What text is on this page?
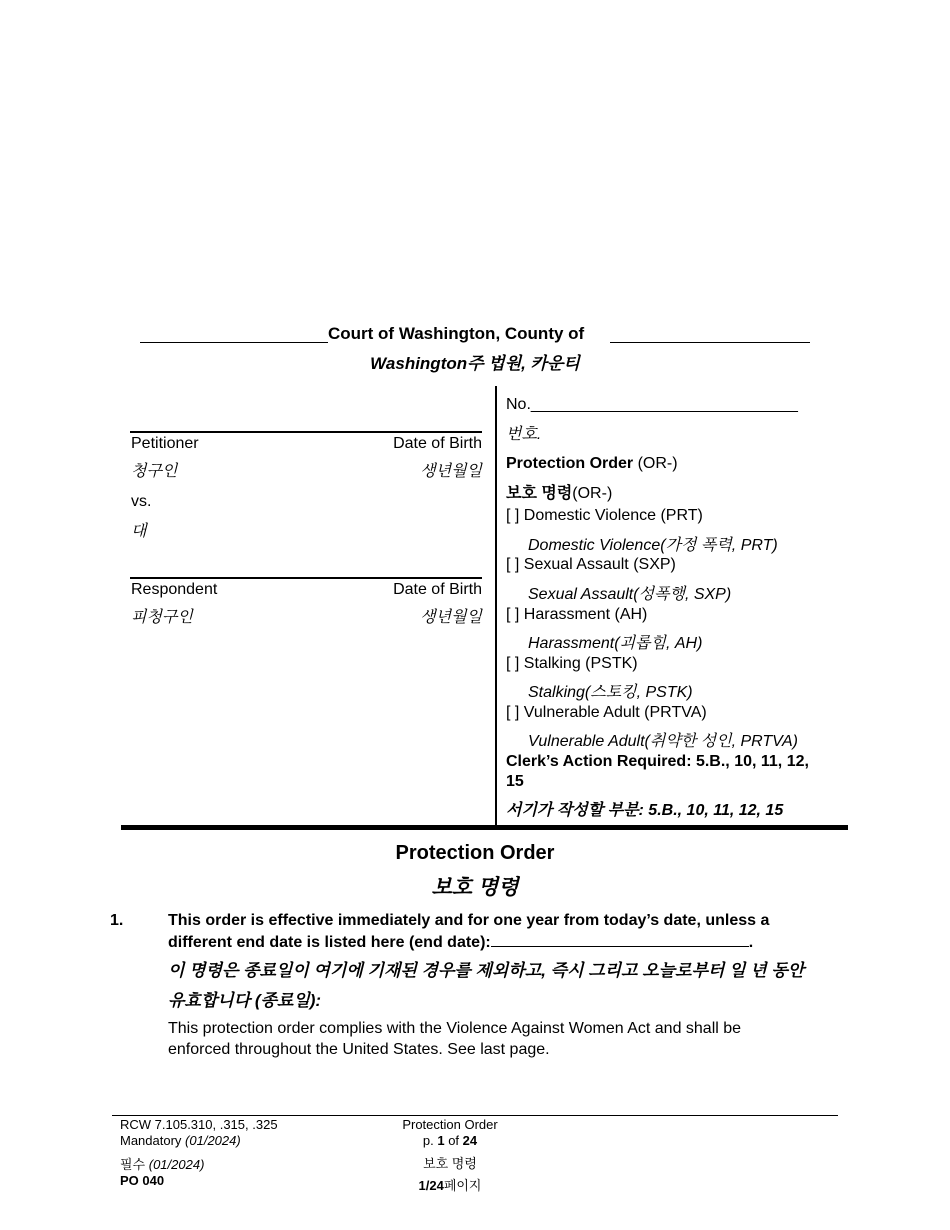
Court of Washington, County of
Washington주 법원, 카운티
Petitioner	Date of Birth
청구인	생년월일
vs.
대
Respondent	Date of Birth
피청구인	생년월일
No.______________________________
번호.
Protection Order (OR-)
보호 명령(OR-)
[ ] Domestic Violence (PRT)
Domestic Violence(가정 폭력, PRT)
[ ] Sexual Assault (SXP)
Sexual Assault(성폭행, SXP)
[ ] Harassment (AH)
Harassment(괴롭힘, AH)
[ ] Stalking (PSTK)
Stalking(스토킹, PSTK)
[ ] Vulnerable Adult (PRTVA)
Vulnerable Adult(취약한 성인, PRTVA)
Clerk’s Action Required: 5.B., 10, 11, 12,
15
서기가 작성할 부분: 5.B., 10, 11, 12, 15
Protection Order
보호 명령
1.	This order is effective immediately and for one year from today’s date, unless a
different end date is listed here (end date):	.
이 명령은 종료일이 여기에 기재된 경우를 제외하고, 즉시 그리고 오늘로부터 일 년 동안
유효합니다 (종료일):
This protection order complies with the Violence Against Women Act and shall be
enforced throughout the United States. See last page.
RCW 7.105.310, .315, .325
Mandatory (01/2024)
필수 (01/2024)
PO 040
Protection Order
p. 1 of 24
보호 명령
1/24페이지
